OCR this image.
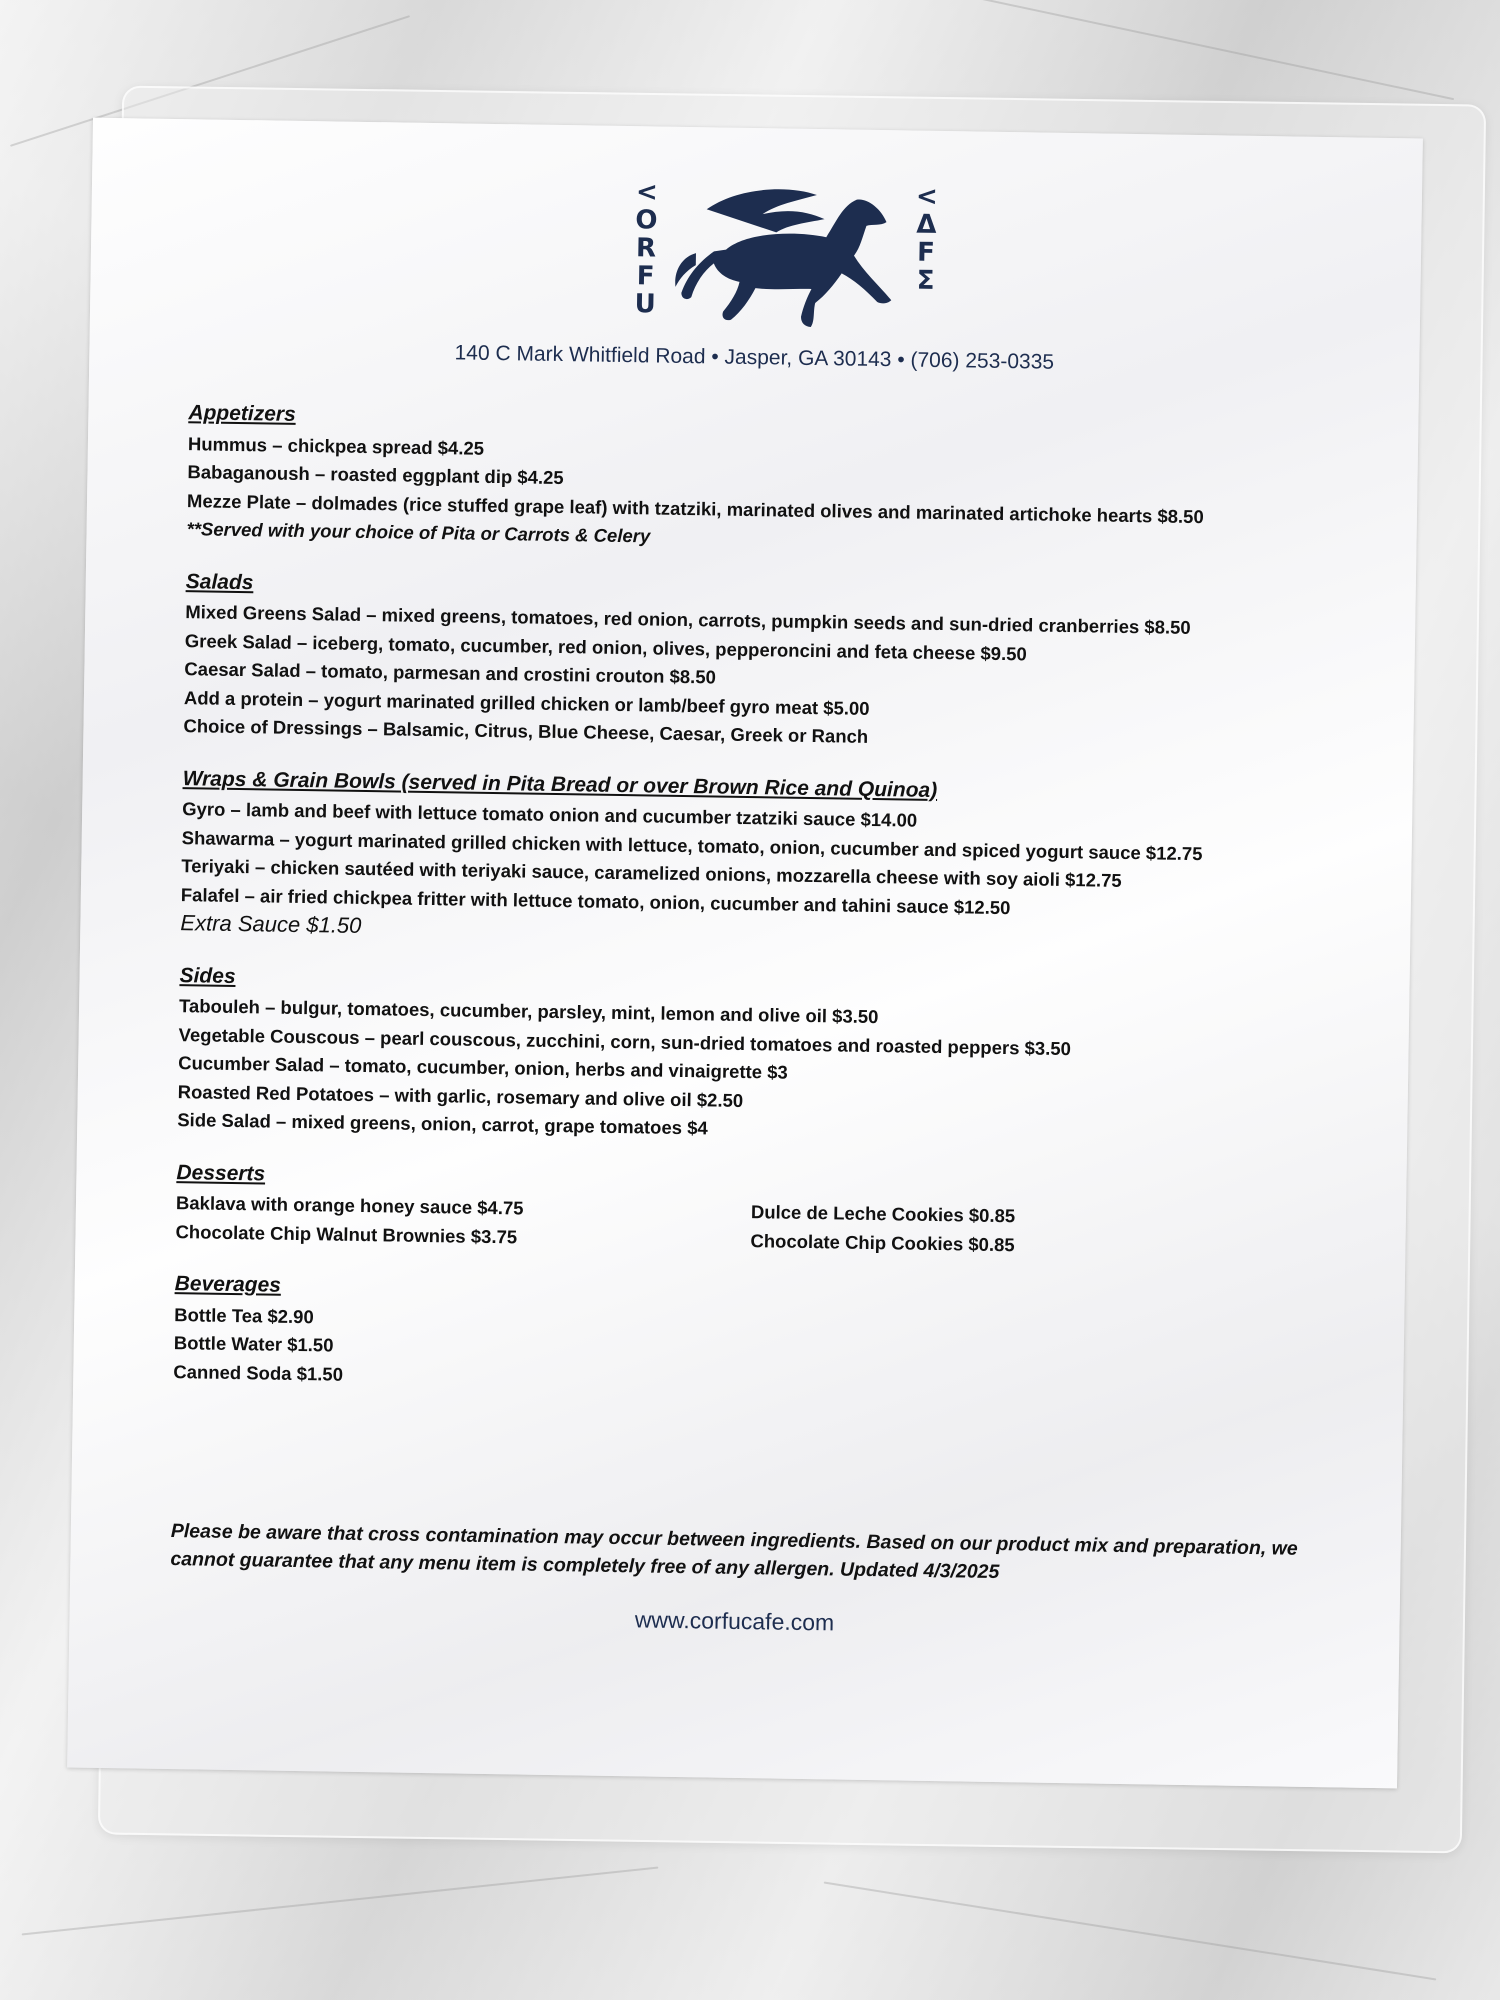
<
O
R
F
U
<
Δ
F
Σ
140 C Mark Whitfield Road • Jasper, GA 30143 • (706) 253-0335
Appetizers
Hummus – chickpea spread $4.25
Babaganoush – roasted eggplant dip $4.25
Mezze Plate – dolmades (rice stuffed grape leaf) with tzatziki, marinated olives and marinated artichoke hearts $8.50
**Served with your choice of Pita or Carrots & Celery
Salads
Mixed Greens Salad – mixed greens, tomatoes, red onion, carrots, pumpkin seeds and sun-dried cranberries $8.50
Greek Salad – iceberg, tomato, cucumber, red onion, olives, pepperoncini and feta cheese $9.50
Caesar Salad – tomato, parmesan and crostini crouton $8.50
Add a protein – yogurt marinated grilled chicken or lamb/beef gyro meat $5.00
Choice of Dressings – Balsamic, Citrus, Blue Cheese, Caesar, Greek or Ranch
Wraps & Grain Bowls (served in Pita Bread or over Brown Rice and Quinoa)
Gyro – lamb and beef with lettuce tomato onion and cucumber tzatziki sauce $14.00
Shawarma – yogurt marinated grilled chicken with lettuce, tomato, onion, cucumber and spiced yogurt sauce $12.75
Teriyaki – chicken sautéed with teriyaki sauce, caramelized onions, mozzarella cheese with soy aioli $12.75
Falafel – air fried chickpea fritter with lettuce tomato, onion, cucumber and tahini sauce $12.50
Extra Sauce $1.50
Sides
Tabouleh – bulgur, tomatoes, cucumber, parsley, mint, lemon and olive oil $3.50
Vegetable Couscous – pearl couscous, zucchini, corn, sun-dried tomatoes and roasted peppers $3.50
Cucumber Salad – tomato, cucumber, onion, herbs and vinaigrette $3
Roasted Red Potatoes – with garlic, rosemary and olive oil $2.50
Side Salad – mixed greens, onion, carrot, grape tomatoes $4
Desserts
Baklava with orange honey sauce $4.75
Chocolate Chip Walnut Brownies $3.75
Dulce de Leche Cookies $0.85
Chocolate Chip Cookies $0.85
Beverages
Bottle Tea $2.90
Bottle Water $1.50
Canned Soda $1.50
Please be aware that cross contamination may occur between ingredients. Based on our product mix and preparation, we cannot guarantee that any menu item is completely free of any allergen. Updated 4/3/2025
www.corfucafe.com
